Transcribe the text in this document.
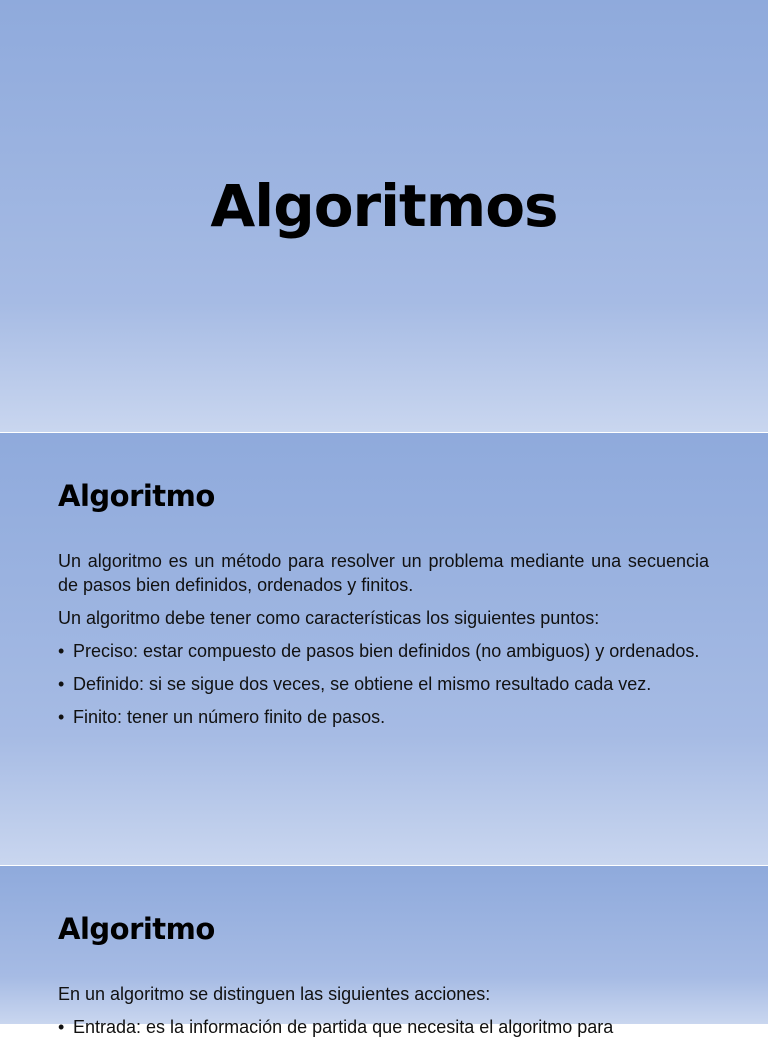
Algoritmos
Algoritmo

Un algoritmo es un método para resolver un problema mediante una secuencia de pasos bien definidos, ordenados y finitos.

Un algoritmo debe tener como características los siguientes puntos:

• Preciso: estar compuesto de pasos bien definidos (no ambiguos) y ordenados.
• Definido: si se sigue dos veces, se obtiene el mismo resultado cada vez.
• Finito: tener un número finito de pasos.
Algoritmo

En un algoritmo se distinguen las siguientes acciones:

• Entrada: es la información de partida que necesita el algoritmo para
